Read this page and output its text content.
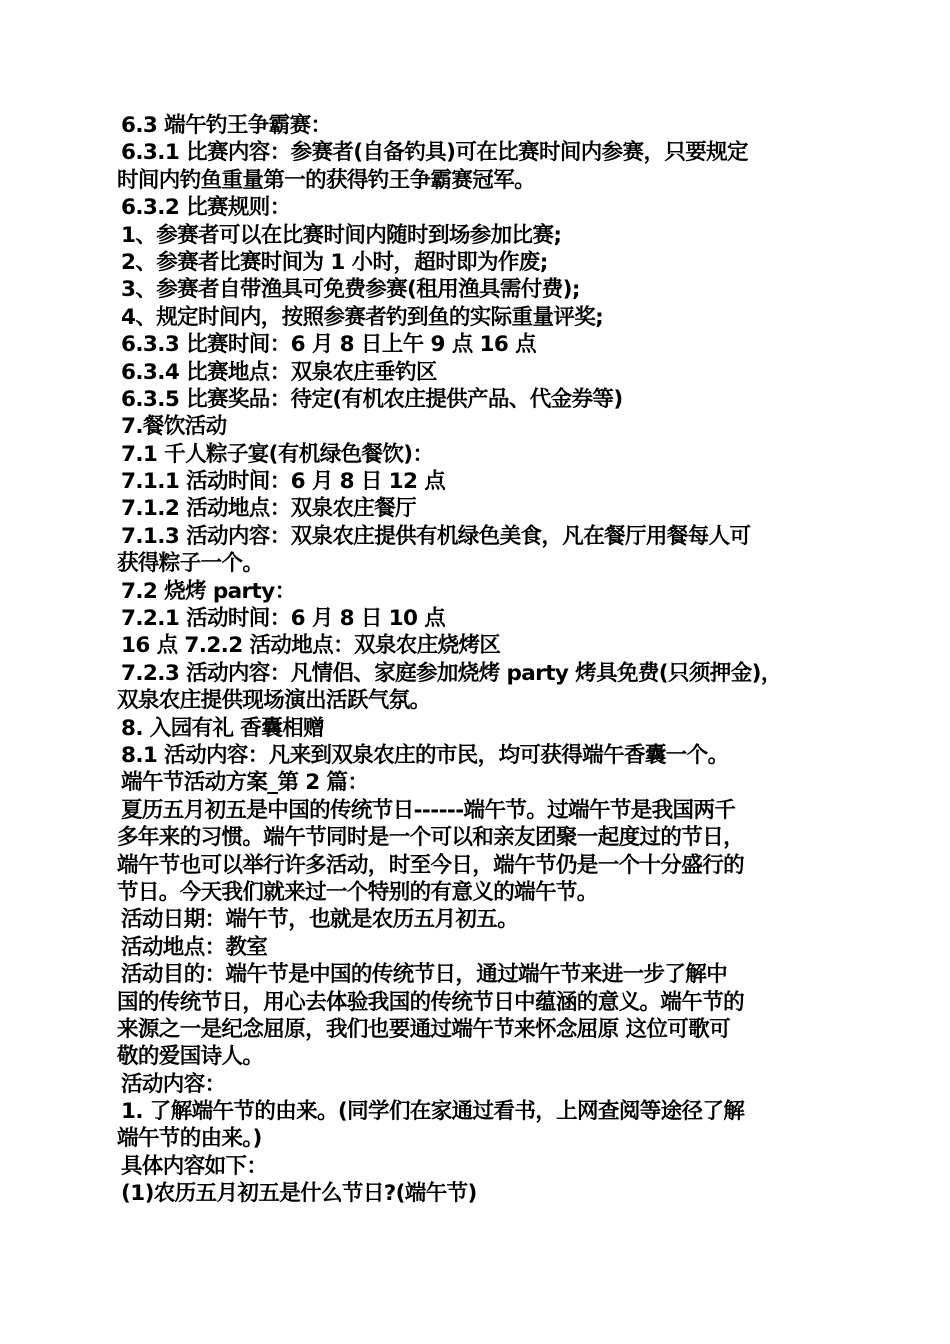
6.3 端午钓王争霸赛：
6.3.1 比赛内容：参赛者(自备钓具)可在比赛时间内参赛，只要规定
时间内钓鱼重量第一的获得钓王争霸赛冠军。
6.3.2 比赛规则：
1、参赛者可以在比赛时间内随时到场参加比赛;
2、参赛者比赛时间为 1 小时，超时即为作废;
3、参赛者自带渔具可免费参赛(租用渔具需付费);
4、规定时间内，按照参赛者钓到鱼的实际重量评奖;
6.3.3 比赛时间：6 月 8 日上午 9 点 16 点
6.3.4 比赛地点：双泉农庄垂钓区
6.3.5 比赛奖品：待定(有机农庄提供产品、代金券等)
7.餐饮活动
7.1 千人粽子宴(有机绿色餐饮)：
7.1.1 活动时间：6 月 8 日 12 点
7.1.2 活动地点：双泉农庄餐厅
7.1.3 活动内容：双泉农庄提供有机绿色美食，凡在餐厅用餐每人可
获得粽子一个。
7.2 烧烤 party：
7.2.1 活动时间：6 月 8 日 10 点
16 点 7.2.2 活动地点：双泉农庄烧烤区
7.2.3 活动内容：凡情侣、家庭参加烧烤 party 烤具免费(只须押金)，
双泉农庄提供现场演出活跃气氛。
8. 入园有礼 香囊相赠
8.1 活动内容：凡来到双泉农庄的市民，均可获得端午香囊一个。
端午节活动方案_第 2 篇：
夏历五月初五是中国的传统节日------端午节。过端午节是我国两千
多年来的习惯。端午节同时是一个可以和亲友团聚一起度过的节日，
端午节也可以举行许多活动，时至今日，端午节仍是一个十分盛行的
节日。今天我们就来过一个特别的有意义的端午节。
活动日期：端午节，也就是农历五月初五。
活动地点：教室
活动目的：端午节是中国的传统节日，通过端午节来进一步了解中
国的传统节日，用心去体验我国的传统节日中蕴涵的意义。端午节的
来源之一是纪念屈原，我们也要通过端午节来怀念屈原 这位可歌可
敬的爱国诗人。
活动内容：
1. 了解端午节的由来。(同学们在家通过看书，上网查阅等途径了解
端午节的由来。)
具体内容如下：
(1)农历五月初五是什么节日?(端午节)
